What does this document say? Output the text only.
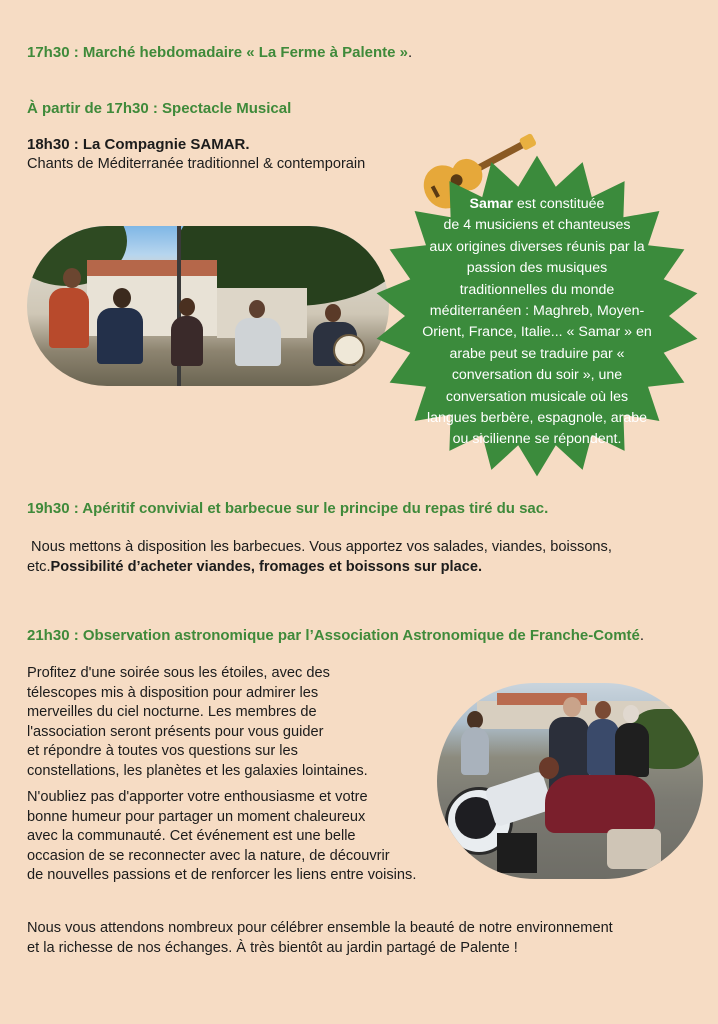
17h30 : Marché hebdomadaire « La Ferme à Palente ».
À partir de 17h30 : Spectacle Musical
18h30 : La Compagnie SAMAR.
Chants de Méditerranée traditionnel & contemporain
Samar est constituée
de 4 musiciens et chanteuses
aux origines diverses réunis par la
passion des musiques
traditionnelles du monde
méditerranéen : Maghreb, Moyen-
Orient, France, Italie... « Samar » en
arabe peut se traduire par «
conversation du soir », une
conversation musicale où les
langues berbère, espagnole, arabe
ou sicilienne se répondent.
19h30 : Apéritif convivial et barbecue sur le principe du repas tiré du sac.
Nous mettons à disposition les barbecues. Vous apportez vos salades, viandes, boissons,
etc.Possibilité d’acheter viandes, fromages et boissons sur place.
21h30 : Observation astronomique par l’Association Astronomique de Franche-Comté.
Profitez d'une soirée sous les étoiles, avec des
télescopes mis à disposition pour admirer les
merveilles du ciel nocturne. Les membres de
l'association seront présents pour vous guider
et répondre à toutes vos questions sur les
constellations, les planètes et les galaxies lointaines.
N'oubliez pas d'apporter votre enthousiasme et votre
bonne humeur pour partager un moment chaleureux
avec la communauté. Cet événement est une belle
occasion de se reconnecter avec la nature, de découvrir
de nouvelles passions et de renforcer les liens entre voisins.
Nous vous attendons nombreux pour célébrer ensemble la beauté de notre environnement
et la richesse de nos échanges. À très bientôt au jardin partagé de Palente !
